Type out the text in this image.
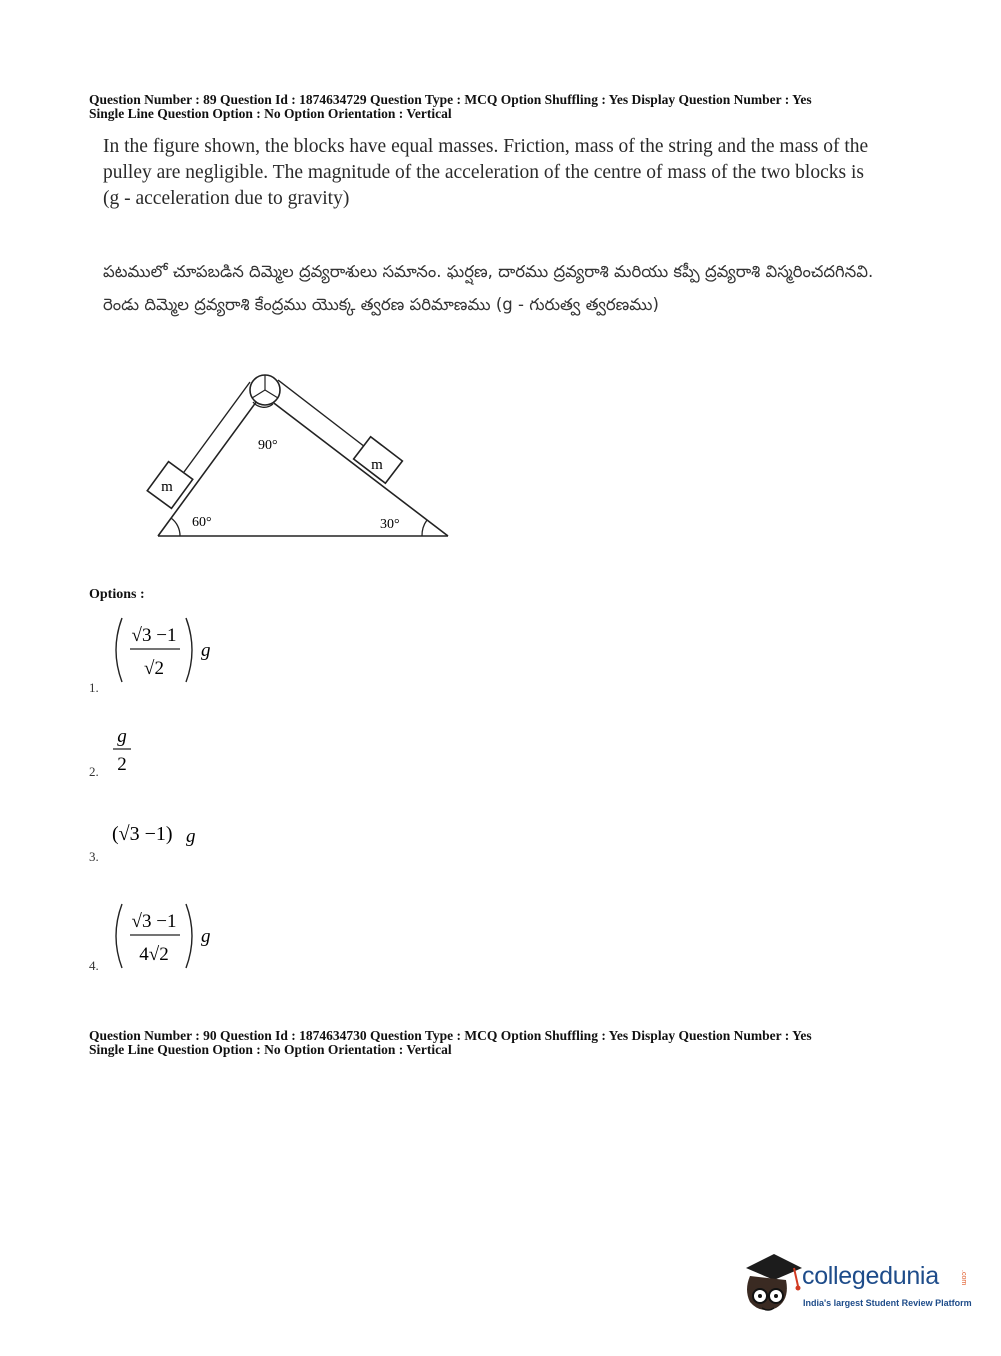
Question Number : 89 Question Id : 1874634729 Question Type : MCQ Option Shuffling : Yes Display Question Number : Yes
Single Line Question Option : No Option Orientation : Vertical
In the figure shown, the blocks have equal masses. Friction, mass of the string and the mass of the pulley are negligible. The magnitude of the acceleration of the centre of mass of the two blocks is (g - acceleration due to gravity)
పటములో చూపబడిన దిమ్మెల ద్రవ్యరాశులు సమానం. ఘర్షణ, దారము ద్రవ్యరాశి మరియు కప్పీ ద్రవ్యరాశి విస్మరించదగినవి. రెండు దిమ్మెల ద్రవ్యరాశి కేంద్రము యొక్క త్వరణ పరిమాణము (g - గురుత్వ త్వరణము)
m
m
60°	30°
90°
Options :
√3 −1
√2
g
1.
g
2
2.
(√3 −1) g
3.
√3 −1
4√2
g
4.
Question Number : 90 Question Id : 1874634730 Question Type : MCQ Option Shuffling : Yes Display Question Number : Yes
Single Line Question Option : No Option Orientation : Vertical
collegedunia	.com
India's largest Student Review Platform
